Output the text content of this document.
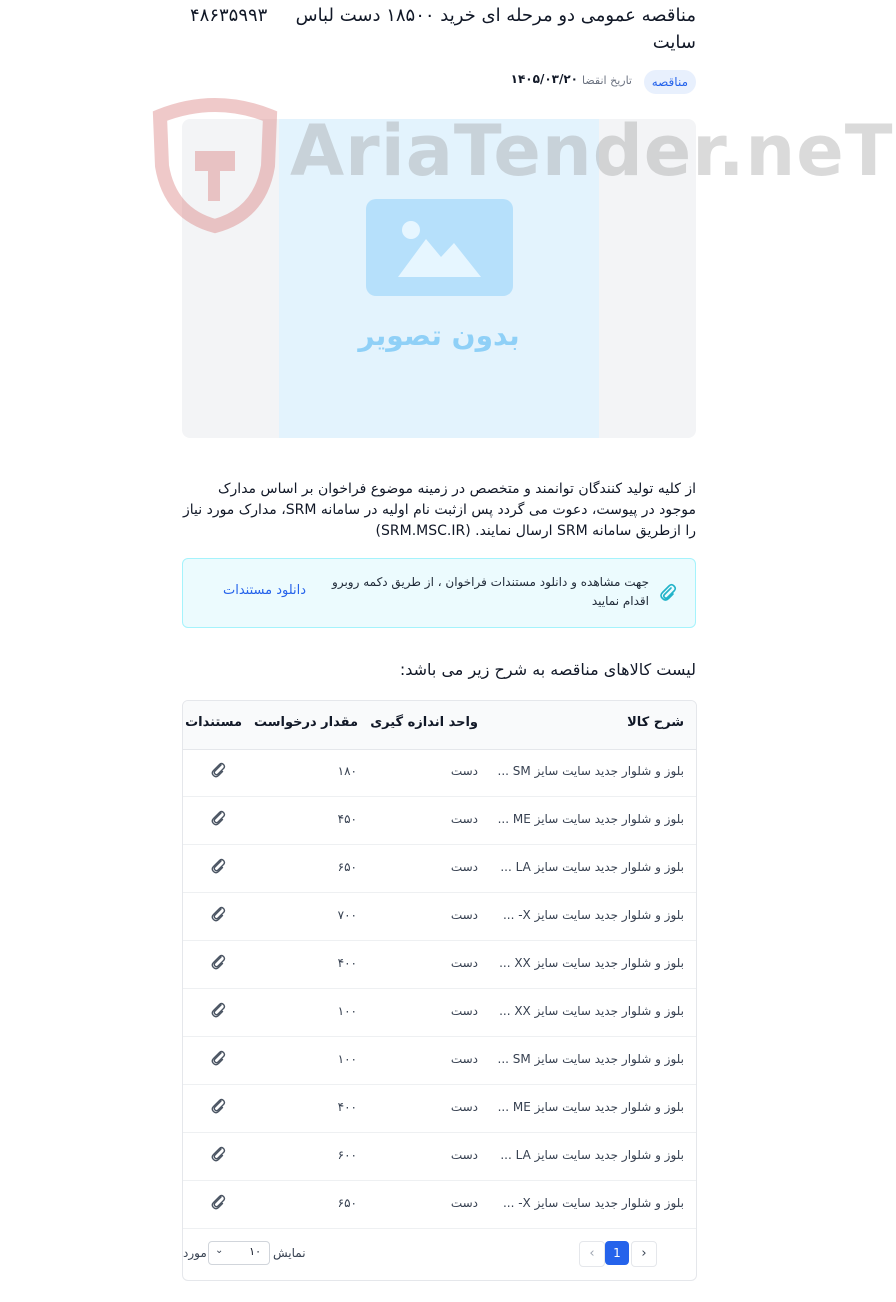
مناقصه عمومی دو مرحله ای خرید ۱۸۵۰۰ دست لباس سایت
۴۸۶۳۵۹۹۳
مناقصه
تاریخ انقضا
۱۴۰۵/۰۳/۲۰
بدون تصویر
AriaTender.neT
از کلیه تولید کنندگان توانمند و متخصص در زمینه موضوع فراخوان بر اساس مدارک موجود در پیوست، دعوت می گردد پس ازثبت نام اولیه در سامانه SRM، مدارک مورد نیاز را ازطریق سامانه SRM ارسال نمایند. (SRM.MSC.IR)
جهت مشاهده و دانلود مستندات فراخوان ، از طریق دکمه روبرو اقدام نمایید
دانلود مستندات
لیست کالاهای مناقصه به شرح زیر می باشد:
شرح کالا
واحد اندازه گیری
مقدار درخواست
مستندات
بلوز و شلوار جدید سایت سایز SM ...
دست
۱۸۰
بلوز و شلوار جدید سایت سایز ME ...
دست
۴۵۰
بلوز و شلوار جدید سایت سایز LA ...
دست
۶۵۰
بلوز و شلوار جدید سایت سایز X- ...
دست
۷۰۰
بلوز و شلوار جدید سایت سایز XX ...
دست
۴۰۰
بلوز و شلوار جدید سایت سایز XX ...
دست
۱۰۰
بلوز و شلوار جدید سایت سایز SM ...
دست
۱۰۰
بلوز و شلوار جدید سایت سایز ME ...
دست
۴۰۰
بلوز و شلوار جدید سایت سایز LA ...
دست
۶۰۰
بلوز و شلوار جدید سایت سایز X- ...
دست
۶۵۰
‹	1	›
نمایش
۱۰
⌄
مورد
